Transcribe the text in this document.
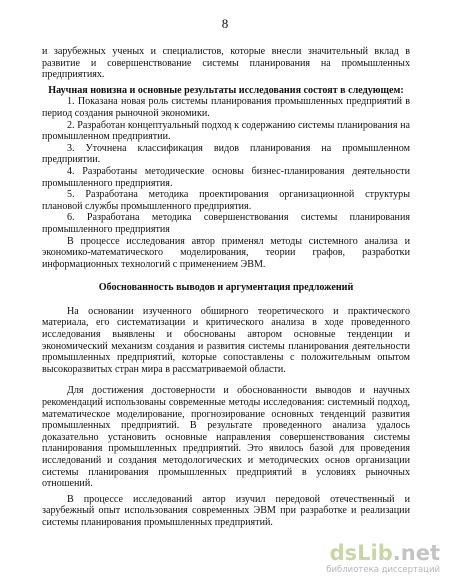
8

и зарубежных ученых и специалистов, которые внесли значительный вклад в развитие и совершенствование системы планирования на промышленных предприятиях.

Научная новизна и основные результаты исследования состоят в следующем:

1. Показана новая роль системы планирования промышленных предприятий в период создания рыночной экономики.

2. Разработан концептуальный подход к содержанию системы планирования на промышленном предприятии.

3. Уточнена классификация видов планирования на промышленном предприятии.

4. Разработаны методические основы бизнес-планирования деятельности промышленного предприятия.

5. Разработана методика проектирования организационной структуры плановой службы промышленного предприятия.

6. Разработана методика совершенствования системы планирования промышленного предприятия

В процессе исследования автор применял методы системного анализа и экономико-математического моделирования, теории графов, разработки информационных технологий с применением ЭВМ.

Обоснованность выводов и аргументация предложений

На основании изученного обширного теоретического и практического материала, его систематизации и критического анализа в ходе проведенного исследования выявлены и обоснованы автором основные тенденции и экономический механизм создания и развития системы планирования деятельности промышленных предприятий, которые сопоставлены с положительным опытом высокоразвитых стран мира в рассматриваемой области.

Для достижения достоверности и обоснованности выводов и научных рекомендаций использованы современные методы исследования: системный подход, математическое моделирование, прогнозирование основных тенденций развития промышленных предприятий. В результате проведенного анализа удалось доказательно установить основные направления совершенствования системы планирования промышленных предприятий. Это явилось базой для проведения исследований и создания методологических и методических основ организации системы планирования промышленных предприятий в условиях рыночных отношений.

В процессе исследований автор изучил передовой отечественный и зарубежный опыт использования современных ЭВМ при разработке и реализации системы планирования промышленных предприятий.

dsLib.net
библиотека диссертаций
